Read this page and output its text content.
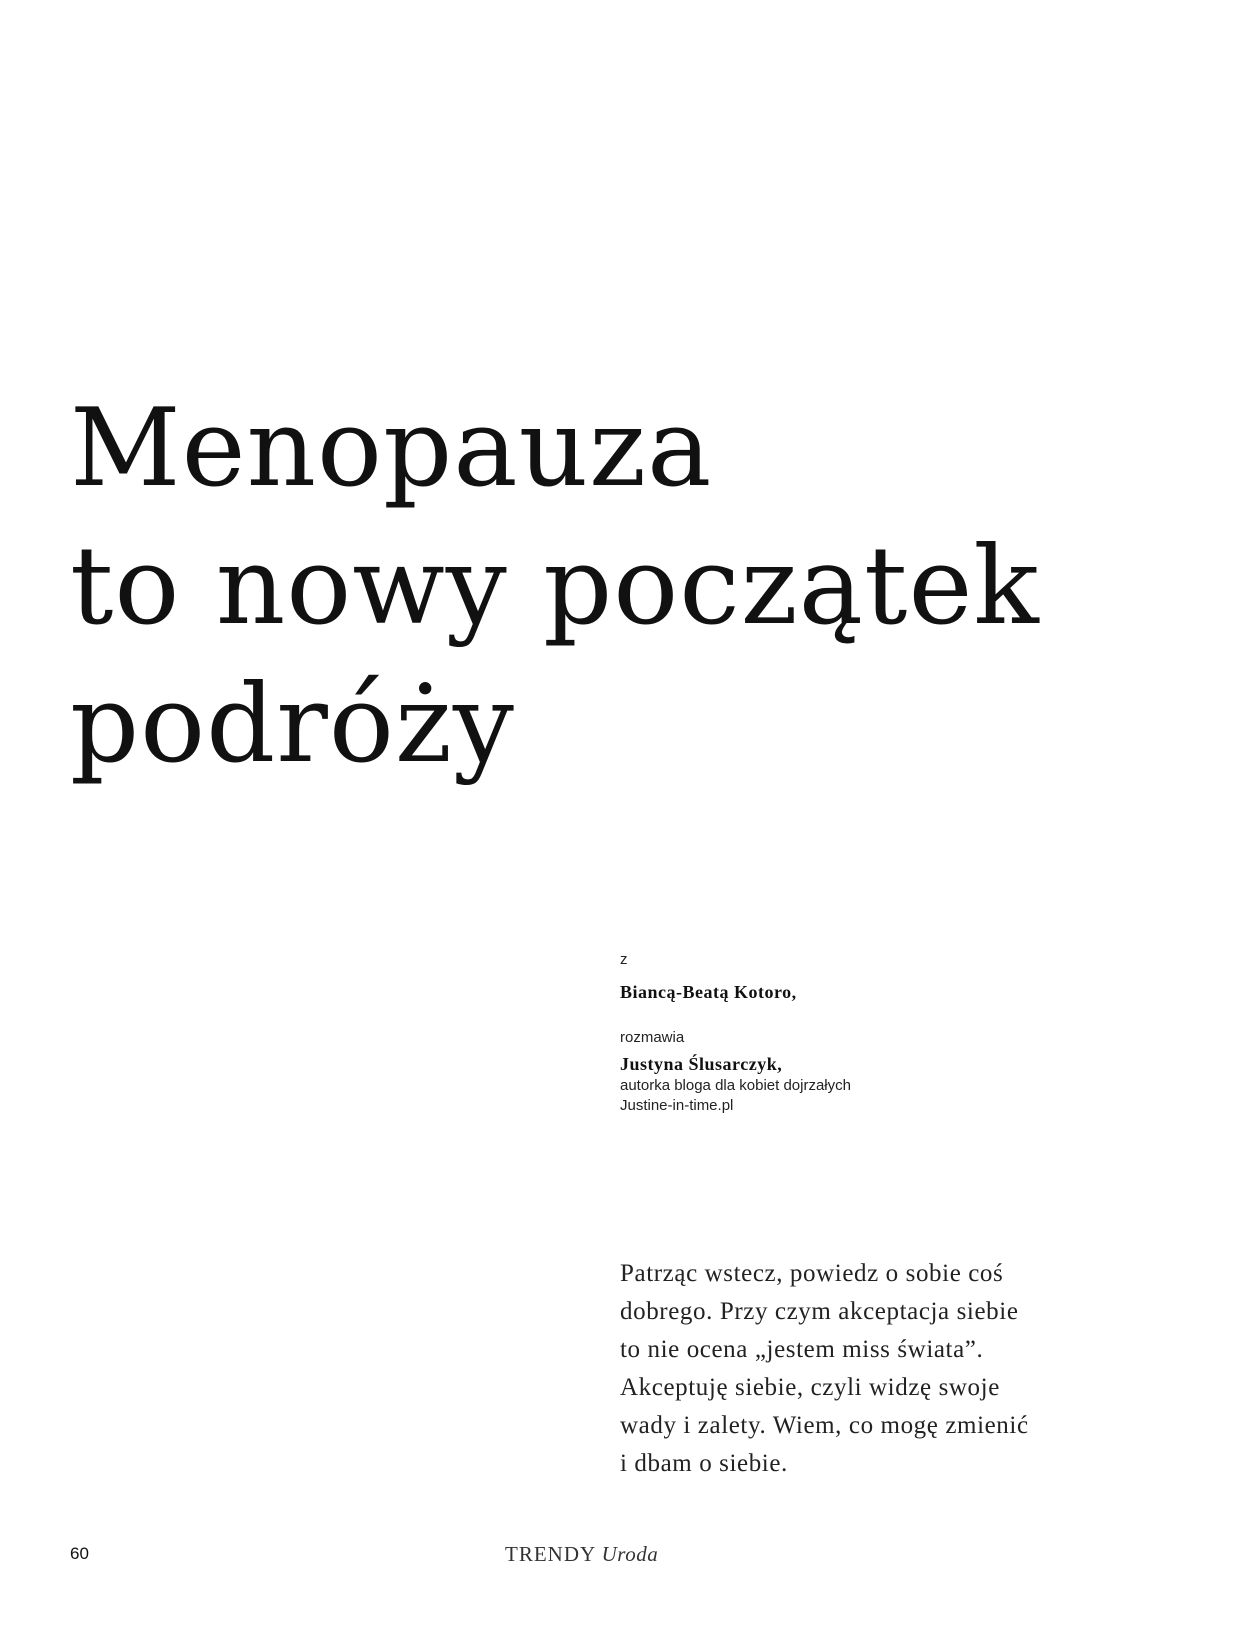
Menopauza
to nowy początek
podróży
z
Biancą-Beatą Kotoro,
rozmawia
Justyna Ślusarczyk,
autorka bloga dla kobiet dojrzałych
Justine-in-time.pl
Patrząc wstecz, powiedz o sobie coś
dobrego. Przy czym akceptacja siebie
to nie ocena „jestem miss świata”.
Akceptuję siebie, czyli widzę swoje
wady i zalety. Wiem, co mogę zmienić
i dbam o siebie.
60	TRENDY Uroda
